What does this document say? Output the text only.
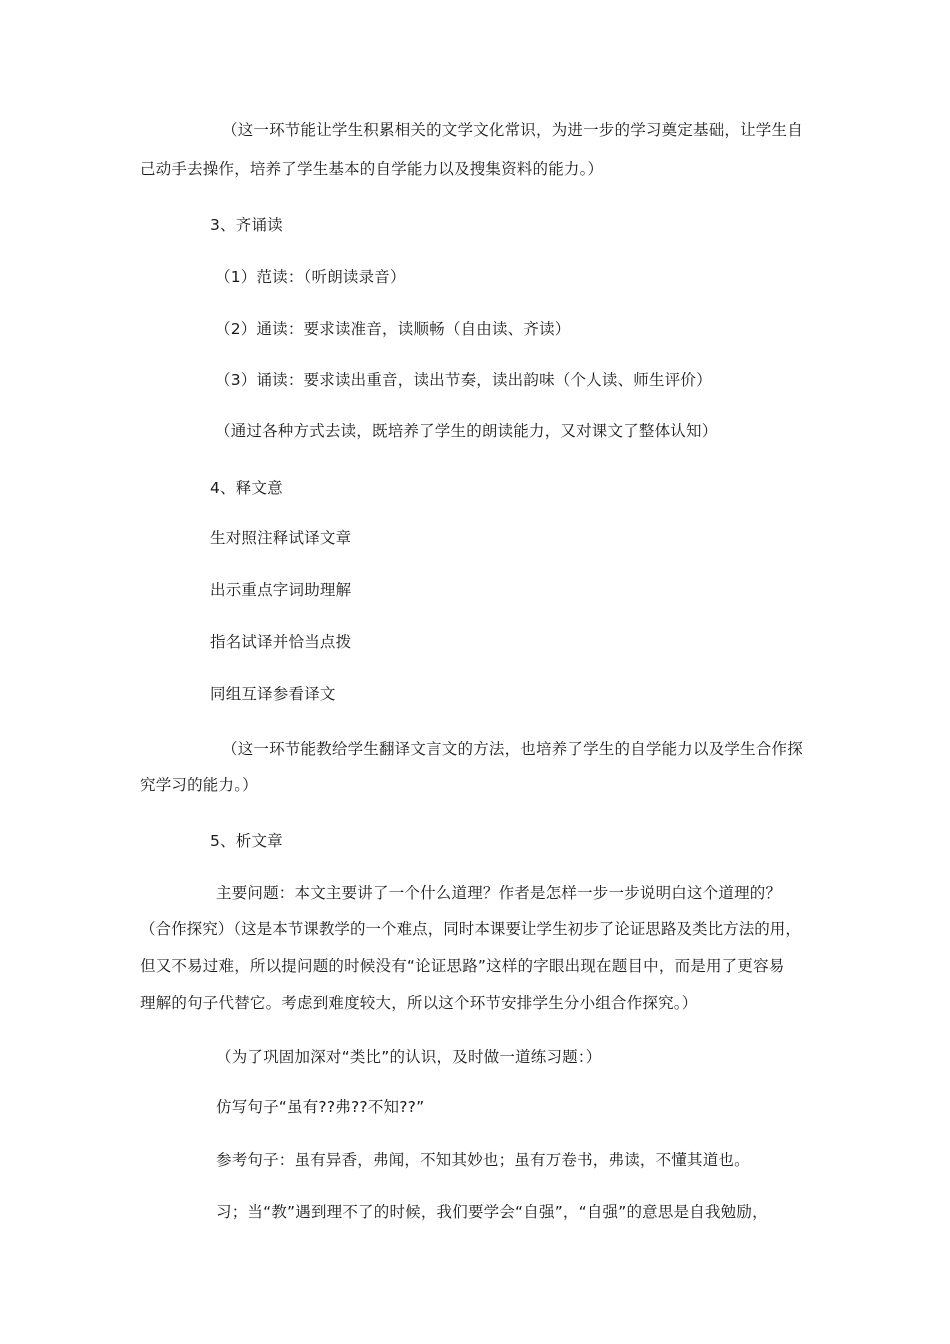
（这一环节能让学生积累相关的文学文化常识，为进一步的学习奠定基础，让学生自
己动手去操作，培养了学生基本的自学能力以及搜集资料的能力。）
3、齐诵读
（1）范读：（听朗读录音）
（2）通读：要求读准音，读顺畅（自由读、齐读）
（3）诵读：要求读出重音，读出节奏，读出韵味（个人读、师生评价）
（通过各种方式去读，既培养了学生的朗读能力，又对课文了整体认知）
4、释文意
生对照注释试译文章
出示重点字词助理解
指名试译并恰当点拨
同组互译参看译文
（这一环节能教给学生翻译文言文的方法，也培养了学生的自学能力以及学生合作探
究学习的能力。）
5、析文章
主要问题：本文主要讲了一个什么道理？作者是怎样一步一步说明白这个道理的？
（合作探究）（这是本节课教学的一个难点，同时本课要让学生初步了论证思路及类比方法的用，
但又不易过难，所以提问题的时候没有“论证思路”这样的字眼出现在题目中，而是用了更容易
理解的句子代替它。考虑到难度较大，所以这个环节安排学生分小组合作探究。）
（为了巩固加深对“类比”的认识，及时做一道练习题：）
仿写句子“虽有??弗??不知??”
参考句子：虽有异香，弗闻，不知其妙也；虽有万卷书，弗读，不懂其道也。
习；当“教”遇到理不了的时候，我们要学会“自强”，“自强”的意思是自我勉励，
